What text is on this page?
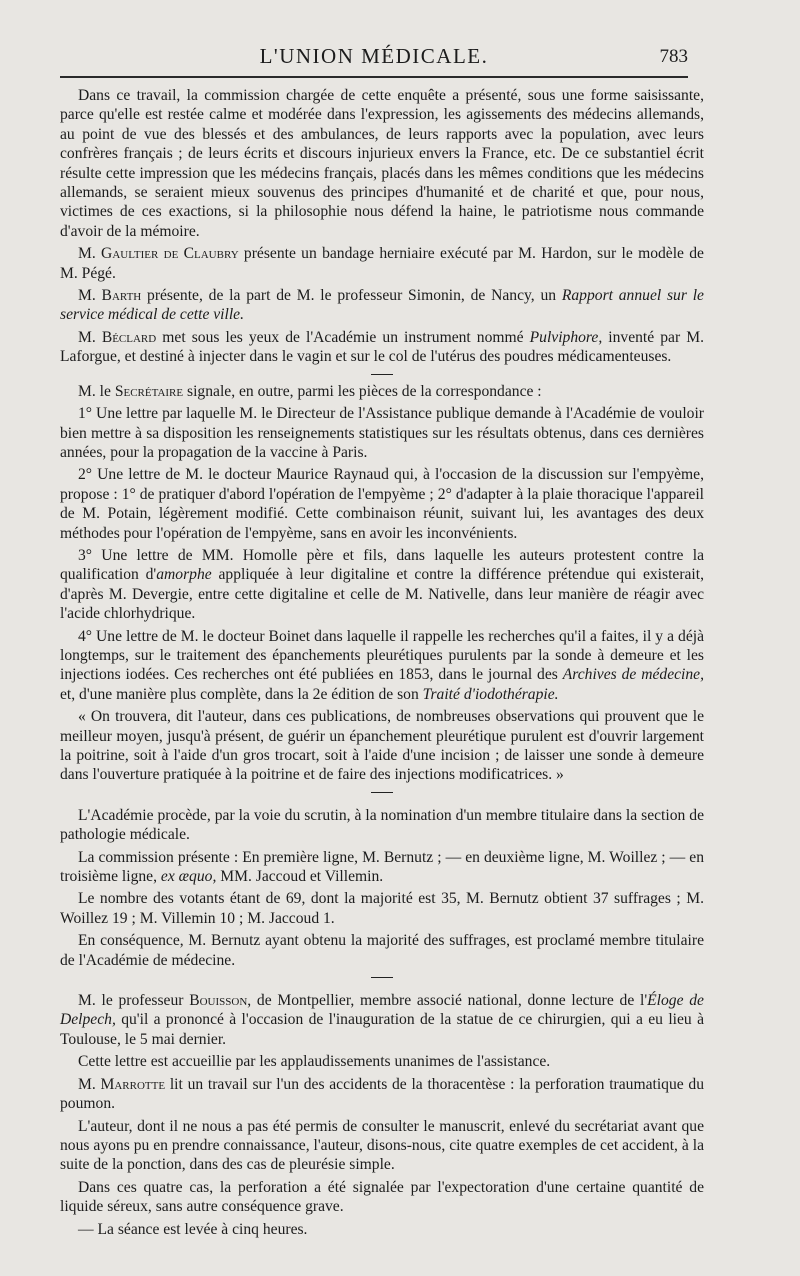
L'UNION MÉDICALE.	783

Dans ce travail, la commission chargée de cette enquête a présenté, sous une forme saisissante, parce qu'elle est restée calme et modérée dans l'expression, les agissements des médecins allemands, au point de vue des blessés et des ambulances, de leurs rapports avec la population, avec leurs confrères français ; de leurs écrits et discours injurieux envers la France, etc. De ce substantiel écrit résulte cette impression que les médecins français, placés dans les mêmes conditions que les médecins allemands, se seraient mieux souvenus des principes d'humanité et de charité et que, pour nous, victimes de ces exactions, si la philosophie nous défend la haine, le patriotisme nous commande d'avoir de la mémoire.

M. Gaultier de Claubry présente un bandage herniaire exécuté par M. Hardon, sur le modèle de M. Pégé.

M. Barth présente, de la part de M. le professeur Simonin, de Nancy, un Rapport annuel sur le service médical de cette ville.

M. Béclard met sous les yeux de l'Académie un instrument nommé Pulviphore, inventé par M. Laforgue, et destiné à injecter dans le vagin et sur le col de l'utérus des poudres médicamenteuses.

M. le Secrétaire signale, en outre, parmi les pièces de la correspondance :

1° Une lettre par laquelle M. le Directeur de l'Assistance publique demande à l'Académie de vouloir bien mettre à sa disposition les renseignements statistiques sur les résultats obtenus, dans ces dernières années, pour la propagation de la vaccine à Paris.

2° Une lettre de M. le docteur Maurice Raynaud qui, à l'occasion de la discussion sur l'empyème, propose : 1° de pratiquer d'abord l'opération de l'empyème ; 2° d'adapter à la plaie thoracique l'appareil de M. Potain, légèrement modifié. Cette combinaison réunit, suivant lui, les avantages des deux méthodes pour l'opération de l'empyème, sans en avoir les inconvénients.

3° Une lettre de MM. Homolle père et fils, dans laquelle les auteurs protestent contre la qualification d'amorphe appliquée à leur digitaline et contre la différence prétendue qui existerait, d'après M. Devergie, entre cette digitaline et celle de M. Nativelle, dans leur manière de réagir avec l'acide chlorhydrique.

4° Une lettre de M. le docteur Boinet dans laquelle il rappelle les recherches qu'il a faites, il y a déjà longtemps, sur le traitement des épanchements pleurétiques purulents par la sonde à demeure et les injections iodées. Ces recherches ont été publiées en 1853, dans le journal des Archives de médecine, et, d'une manière plus complète, dans la 2e édition de son Traité d'iodothérapie.

« On trouvera, dit l'auteur, dans ces publications, de nombreuses observations qui prouvent que le meilleur moyen, jusqu'à présent, de guérir un épanchement pleurétique purulent est d'ouvrir largement la poitrine, soit à l'aide d'un gros trocart, soit à l'aide d'une incision ; de laisser une sonde à demeure dans l'ouverture pratiquée à la poitrine et de faire des injections modificatrices. »

L'Académie procède, par la voie du scrutin, à la nomination d'un membre titulaire dans la section de pathologie médicale.

La commission présente : En première ligne, M. Bernutz ; — en deuxième ligne, M. Woillez ; — en troisième ligne, ex æquo, MM. Jaccoud et Villemin.

Le nombre des votants étant de 69, dont la majorité est 35, M. Bernutz obtient 37 suffrages ; M. Woillez 19 ; M. Villemin 10 ; M. Jaccoud 1.

En conséquence, M. Bernutz ayant obtenu la majorité des suffrages, est proclamé membre titulaire de l'Académie de médecine.

M. le professeur Bouisson, de Montpellier, membre associé national, donne lecture de l'Éloge de Delpech, qu'il a prononcé à l'occasion de l'inauguration de la statue de ce chirurgien, qui a eu lieu à Toulouse, le 5 mai dernier.

Cette lettre est accueillie par les applaudissements unanimes de l'assistance.

M. Marrotte lit un travail sur l'un des accidents de la thoracentèse : la perforation traumatique du poumon.

L'auteur, dont il ne nous a pas été permis de consulter le manuscrit, enlevé du secrétariat avant que nous ayons pu en prendre connaissance, l'auteur, disons-nous, cite quatre exemples de cet accident, à la suite de la ponction, dans des cas de pleurésie simple.

Dans ces quatre cas, la perforation a été signalée par l'expectoration d'une certaine quantité de liquide séreux, sans autre conséquence grave.

— La séance est levée à cinq heures.
